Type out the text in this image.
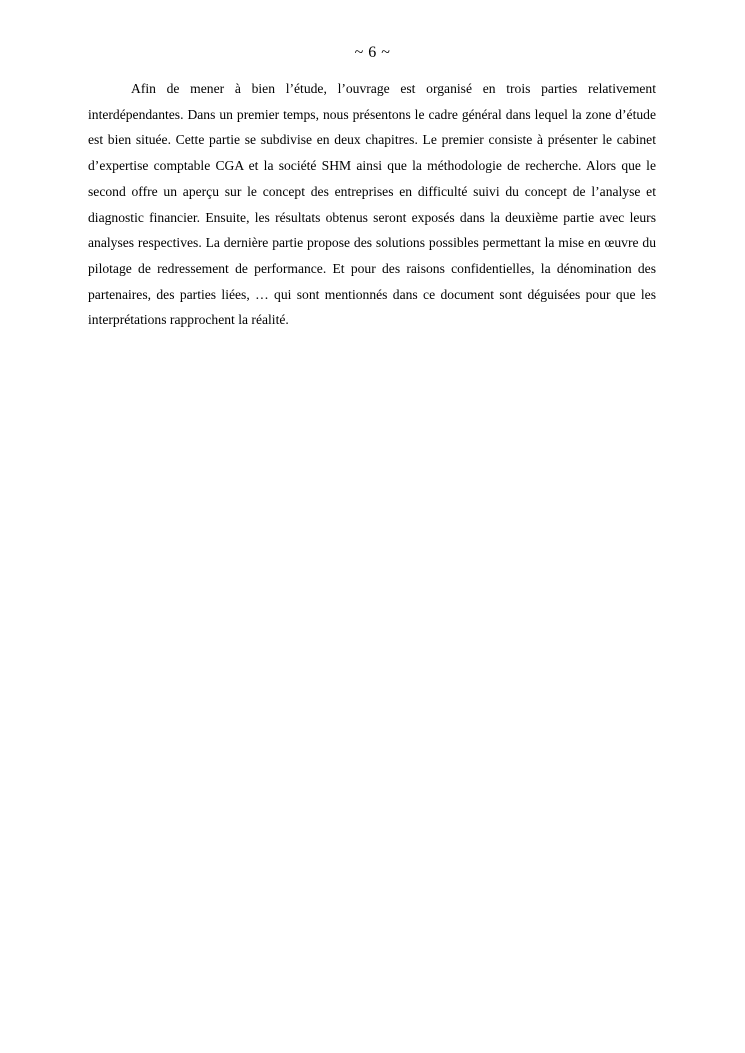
~ 6 ~

Afin de mener à bien l’étude, l’ouvrage est organisé en trois parties relativement interdépendantes. Dans un premier temps, nous présentons le cadre général dans lequel la zone d’étude est bien située. Cette partie se subdivise en deux chapitres. Le premier consiste à présenter le cabinet d’expertise comptable CGA et la société SHM ainsi que la méthodologie de recherche. Alors que le second offre un aperçu sur le concept des entreprises en difficulté suivi du concept de l’analyse et diagnostic financier. Ensuite, les résultats obtenus seront exposés dans la deuxième partie avec leurs analyses respectives. La dernière partie propose des solutions possibles permettant la mise en œuvre du pilotage de redressement de performance. Et pour des raisons confidentielles, la dénomination des partenaires, des parties liées, … qui sont mentionnés dans ce document sont déguisées pour que les interprétations rapprochent la réalité.
